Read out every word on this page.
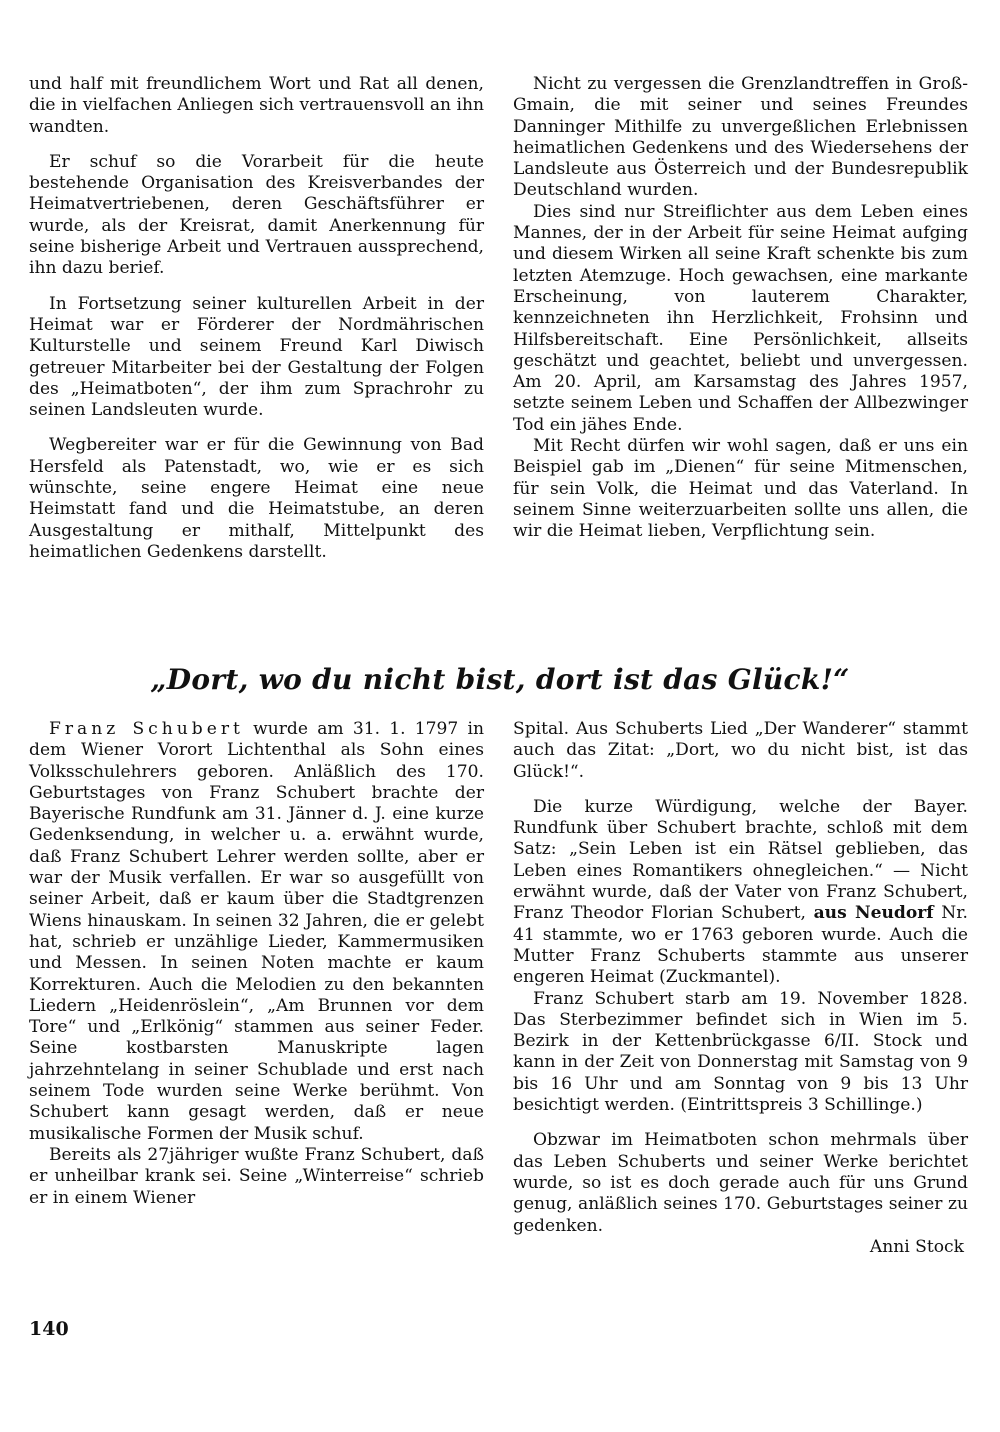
und half mit freundlichem Wort und Rat all denen, die in vielfachen Anliegen sich vertrauensvoll an ihn wandten.

Er schuf so die Vorarbeit für die heute bestehende Organisation des Kreisverbandes der Heimatvertriebenen, deren Geschäftsführer er wurde, als der Kreisrat, damit Anerkennung für seine bisherige Arbeit und Vertrauen aussprechend, ihn dazu berief.

In Fortsetzung seiner kulturellen Arbeit in der Heimat war er Förderer der Nordmährischen Kulturstelle und seinem Freund Karl Diwisch getreuer Mitarbeiter bei der Gestaltung der Folgen des „Heimatboten“, der ihm zum Sprachrohr zu seinen Landsleuten wurde.

Wegbereiter war er für die Gewinnung von Bad Hersfeld als Patenstadt, wo, wie er es sich wünschte, seine engere Heimat eine neue Heimstatt fand und die Heimatstube, an deren Ausgestaltung er mithalf, Mittelpunkt des heimatlichen Gedenkens darstellt.

Nicht zu vergessen die Grenzlandtreffen in Groß-Gmain, die mit seiner und seines Freundes Danninger Mithilfe zu unvergeßlichen Erlebnissen heimatlichen Gedenkens und des Wiedersehens der Landsleute aus Österreich und der Bundesrepublik Deutschland wurden.

Dies sind nur Streiflichter aus dem Leben eines Mannes, der in der Arbeit für seine Heimat aufging und diesem Wirken all seine Kraft schenkte bis zum letzten Atemzuge. Hoch gewachsen, eine markante Erscheinung, von lauterem Charakter, kennzeichneten ihn Herzlichkeit, Frohsinn und Hilfsbereitschaft. Eine Persönlichkeit, allseits geschätzt und geachtet, beliebt und unvergessen. Am 20. April, am Karsamstag des Jahres 1957, setzte seinem Leben und Schaffen der Allbezwinger Tod ein jähes Ende.

Mit Recht dürfen wir wohl sagen, daß er uns ein Beispiel gab im „Dienen“ für seine Mitmenschen, für sein Volk, die Heimat und das Vaterland. In seinem Sinne weiterzuarbeiten sollte uns allen, die wir die Heimat lieben, Verpflichtung sein.

„Dort, wo du nicht bist, dort ist das Glück!“

Franz Schubert wurde am 31. 1. 1797 in dem Wiener Vorort Lichtenthal als Sohn eines Volksschulehrers geboren. Anläßlich des 170. Geburtstages von Franz Schubert brachte der Bayerische Rundfunk am 31. Jänner d. J. eine kurze Gedenksendung, in welcher u. a. erwähnt wurde, daß Franz Schubert Lehrer werden sollte, aber er war der Musik verfallen. Er war so ausgefüllt von seiner Arbeit, daß er kaum über die Stadtgrenzen Wiens hinauskam. In seinen 32 Jahren, die er gelebt hat, schrieb er unzählige Lieder, Kammermusiken und Messen. In seinen Noten machte er kaum Korrekturen. Auch die Melodien zu den bekannten Liedern „Heidenröslein“, „Am Brunnen vor dem Tore“ und „Erlkönig“ stammen aus seiner Feder. Seine kostbarsten Manuskripte lagen jahrzehntelang in seiner Schublade und erst nach seinem Tode wurden seine Werke berühmt. Von Schubert kann gesagt werden, daß er neue musikalische Formen der Musik schuf.

Bereits als 27jähriger wußte Franz Schubert, daß er unheilbar krank sei. Seine „Winterreise“ schrieb er in einem Wiener

Spital. Aus Schuberts Lied „Der Wanderer“ stammt auch das Zitat: „Dort, wo du nicht bist, ist das Glück!“.

Die kurze Würdigung, welche der Bayer. Rundfunk über Schubert brachte, schloß mit dem Satz: „Sein Leben ist ein Rätsel geblieben, das Leben eines Romantikers ohnegleichen.“ — Nicht erwähnt wurde, daß der Vater von Franz Schubert, Franz Theodor Florian Schubert, aus Neudorf Nr. 41 stammte, wo er 1763 geboren wurde. Auch die Mutter Franz Schuberts stammte aus unserer engeren Heimat (Zuckmantel).

Franz Schubert starb am 19. November 1828. Das Sterbezimmer befindet sich in Wien im 5. Bezirk in der Kettenbrückgasse 6/II. Stock und kann in der Zeit von Donnerstag mit Samstag von 9 bis 16 Uhr und am Sonntag von 9 bis 13 Uhr besichtigt werden. (Eintrittspreis 3 Schillinge.)

Obzwar im Heimatboten schon mehrmals über das Leben Schuberts und seiner Werke berichtet wurde, so ist es doch gerade auch für uns Grund genug, anläßlich seines 170. Geburtstages seiner zu gedenken.

Anni Stock

140
